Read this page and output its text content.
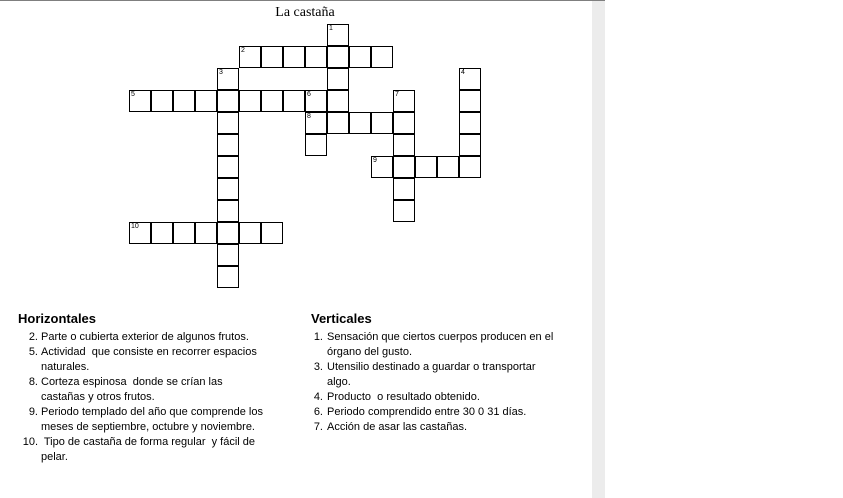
La castaña
2
5	6
8
9
10
1
3	4
7
Horizontales	Verticales
2. Parte o cubierta exterior de algunos frutos.
5. Actividad  que consiste en recorrer espacios
naturales.
8. Corteza espinosa  donde se crían las
castañas y otros frutos.
9. Periodo templado del año que comprende los
meses de septiembre, octubre y noviembre.
10. Tipo de castaña de forma regular  y fácil de
pelar.
1. Sensación que ciertos cuerpos producen en el
órgano del gusto.
3. Utensilio destinado a guardar o transportar
algo.
4. Producto  o resultado obtenido.
6. Periodo comprendido entre 30 0 31 días.
7. Acción de asar las castañas.
